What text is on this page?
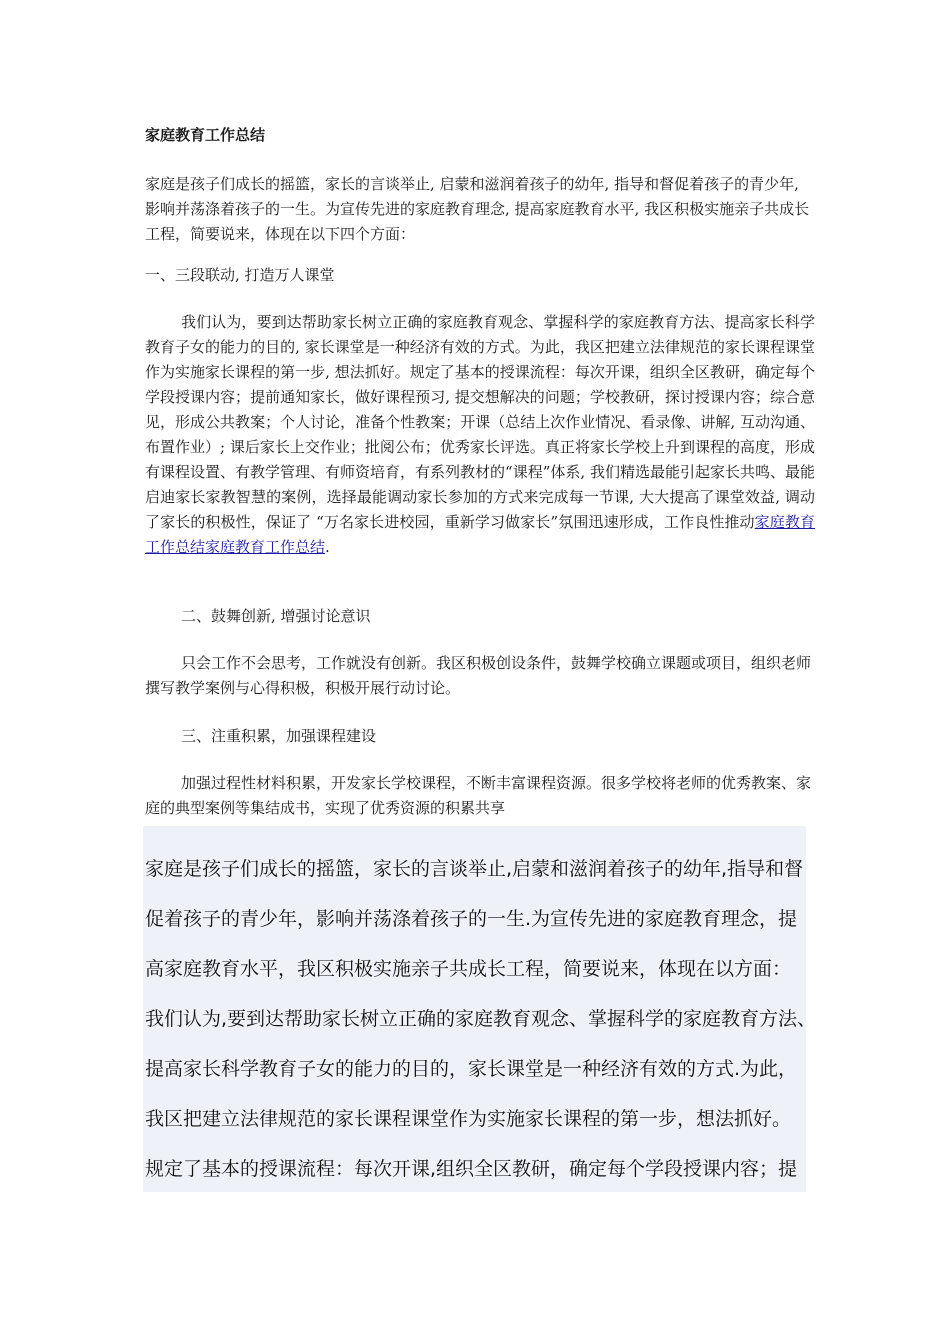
家庭教育工作总结

家庭是孩子们成长的摇篮，家长的言谈举止, 启蒙和滋润着孩子的幼年, 指导和督促着孩子的青少年, 影响并荡涤着孩子的一生。为宣传先进的家庭教育理念, 提高家庭教育水平, 我区积极实施亲子共成长工程，简要说来，体现在以下四个方面：

一、三段联动, 打造万人课堂

我们认为，要到达帮助家长树立正确的家庭教育观念、掌握科学的家庭教育方法、提高家长科学教育子女的能力的目的, 家长课堂是一种经济有效的方式。为此，我区把建立法律规范的家长课程课堂作为实施家长课程的第一步, 想法抓好。规定了基本的授课流程：每次开课，组织全区教研，确定每个学段授课内容；提前通知家长，做好课程预习, 提交想解决的问题；学校教研，探讨授课内容；综合意见，形成公共教案；个人讨论，准备个性教案；开课（总结上次作业情况、看录像、讲解, 互动沟通、布置作业）; 课后家长上交作业；批阅公布；优秀家长评选。真正将家长学校上升到课程的高度，形成有课程设置、有教学管理、有师资培育，有系列教材的“课程”体系, 我们精选最能引起家长共鸣、最能启迪家长家教智慧的案例，选择最能调动家长参加的方式来完成每一节课, 大大提高了课堂效益, 调动了家长的积极性，保证了 “万名家长进校园，重新学习做家长”氛围迅速形成，工作良性推动家庭教育工作总结家庭教育工作总结.

二、鼓舞创新, 增强讨论意识

只会工作不会思考，工作就没有创新。我区积极创设条件，鼓舞学校确立课题或项目，组织老师撰写教学案例与心得积极，积极开展行动讨论。

三、注重积累，加强课程建设

加强过程性材料积累，开发家长学校课程，不断丰富课程资源。很多学校将老师的优秀教案、家庭的典型案例等集结成书，实现了优秀资源的积累共享

家庭是孩子们成长的摇篮，家长的言谈举止,启蒙和滋润着孩子的幼年,指导和督

促着孩子的青少年，影响并荡涤着孩子的一生.为宣传先进的家庭教育理念，提

高家庭教育水平，我区积极实施亲子共成长工程，简要说来，体现在以方面：

我们认为,要到达帮助家长树立正确的家庭教育观念、掌握科学的家庭教育方法、

提高家长科学教育子女的能力的目的，家长课堂是一种经济有效的方式.为此，

我区把建立法律规范的家长课程课堂作为实施家长课程的第一步，想法抓好。

规定了基本的授课流程：每次开课,组织全区教研，确定每个学段授课内容；提
